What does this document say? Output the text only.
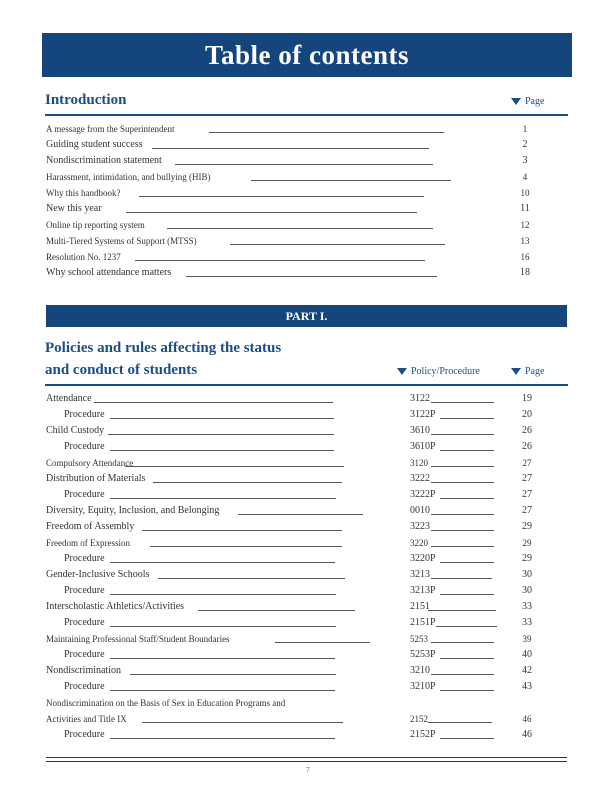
Table of contents
Introduction	Page
A message from the Superintendent	1
Guiding student success	2
Nondiscrimination statement	3
Harassment, intimidation, and bullying (HIB)	4
Why this handbook?	10
New this year	11
Online tip reporting system	12
Multi-Tiered Systems of Support (MTSS)	13
Resolution No. 1237	16
Why school attendance matters	18
PART I.
Policies and rules affecting the status
and conduct of students	Policy/Procedure	Page
Attendance	3122	19
Procedure	3122P	20
Child Custody	3610	26
Procedure	3610P	26
Compulsory Attendance	3120	27
Distribution of Materials	3222	27
Procedure	3222P	27
Diversity, Equity, Inclusion, and Belonging	0010	27
Freedom of Assembly	3223	29
Freedom of Expression	3220	29
Procedure	3220P	29
Gender-Inclusive Schools	3213	30
Procedure	3213P	30
Interscholastic Athletics/Activities	2151	33
Procedure	2151P	33
Maintaining Professional Staff/Student Boundaries	5253	39
Procedure	5253P	40
Nondiscrimination	3210	42
Procedure	3210P	43
Nondiscrimination on the Basis of Sex in Education Programs and
Activities and Title IX	2152	46
Procedure	2152P	46
7
